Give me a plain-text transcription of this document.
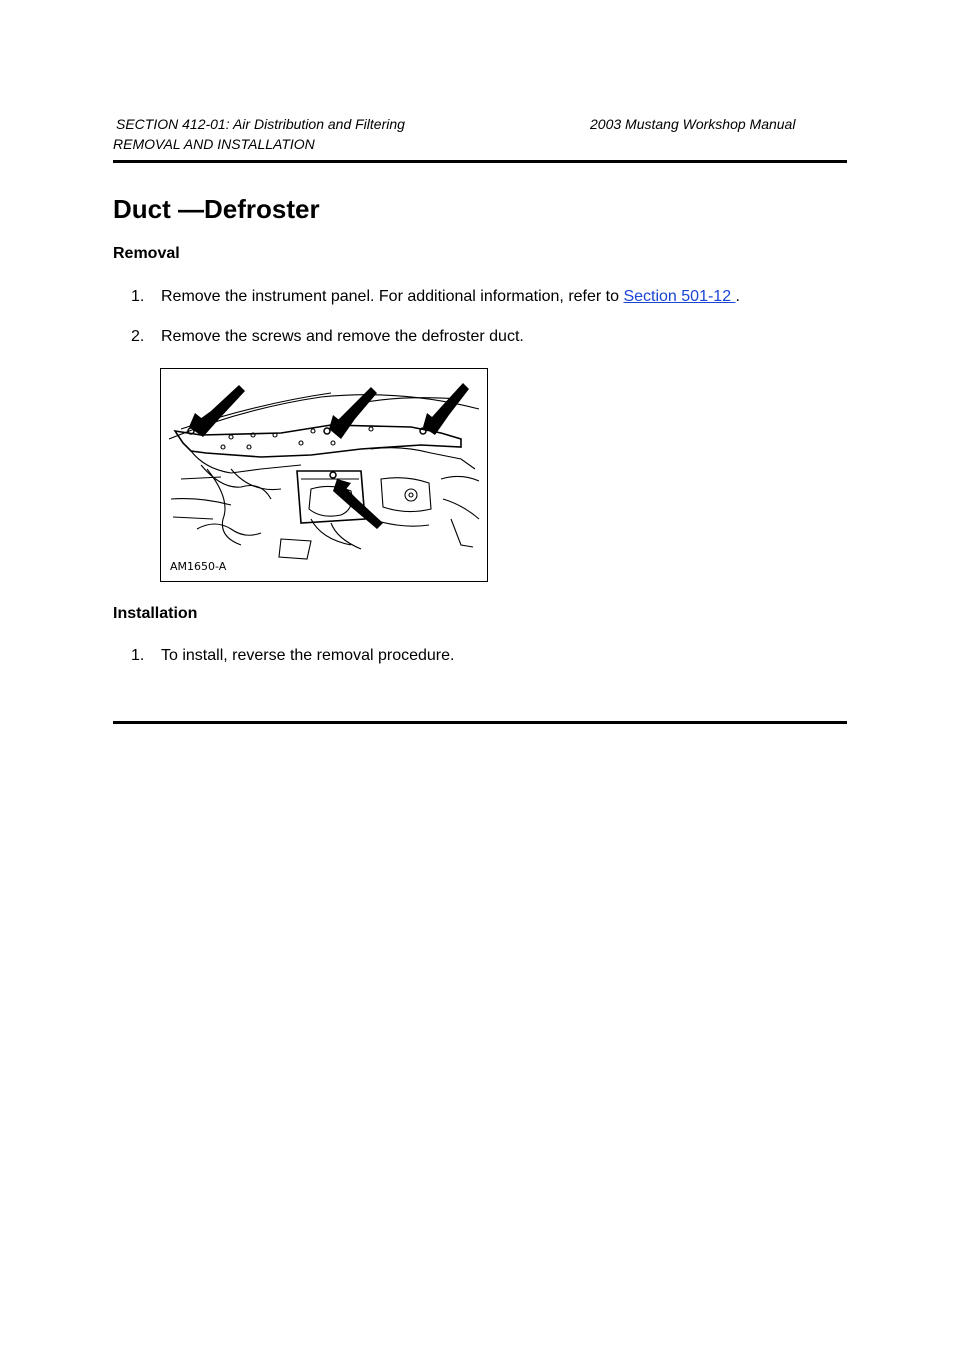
SECTION 412-01: Air Distribution and Filtering	2003 Mustang Workshop Manual
REMOVAL AND INSTALLATION
Duct —Defroster
Removal
1. Remove the instrument panel. For additional information, refer to Section 501-12 .
2. Remove the screws and remove the defroster duct.
AM1650-A
Installation
1. To install, reverse the removal procedure.
